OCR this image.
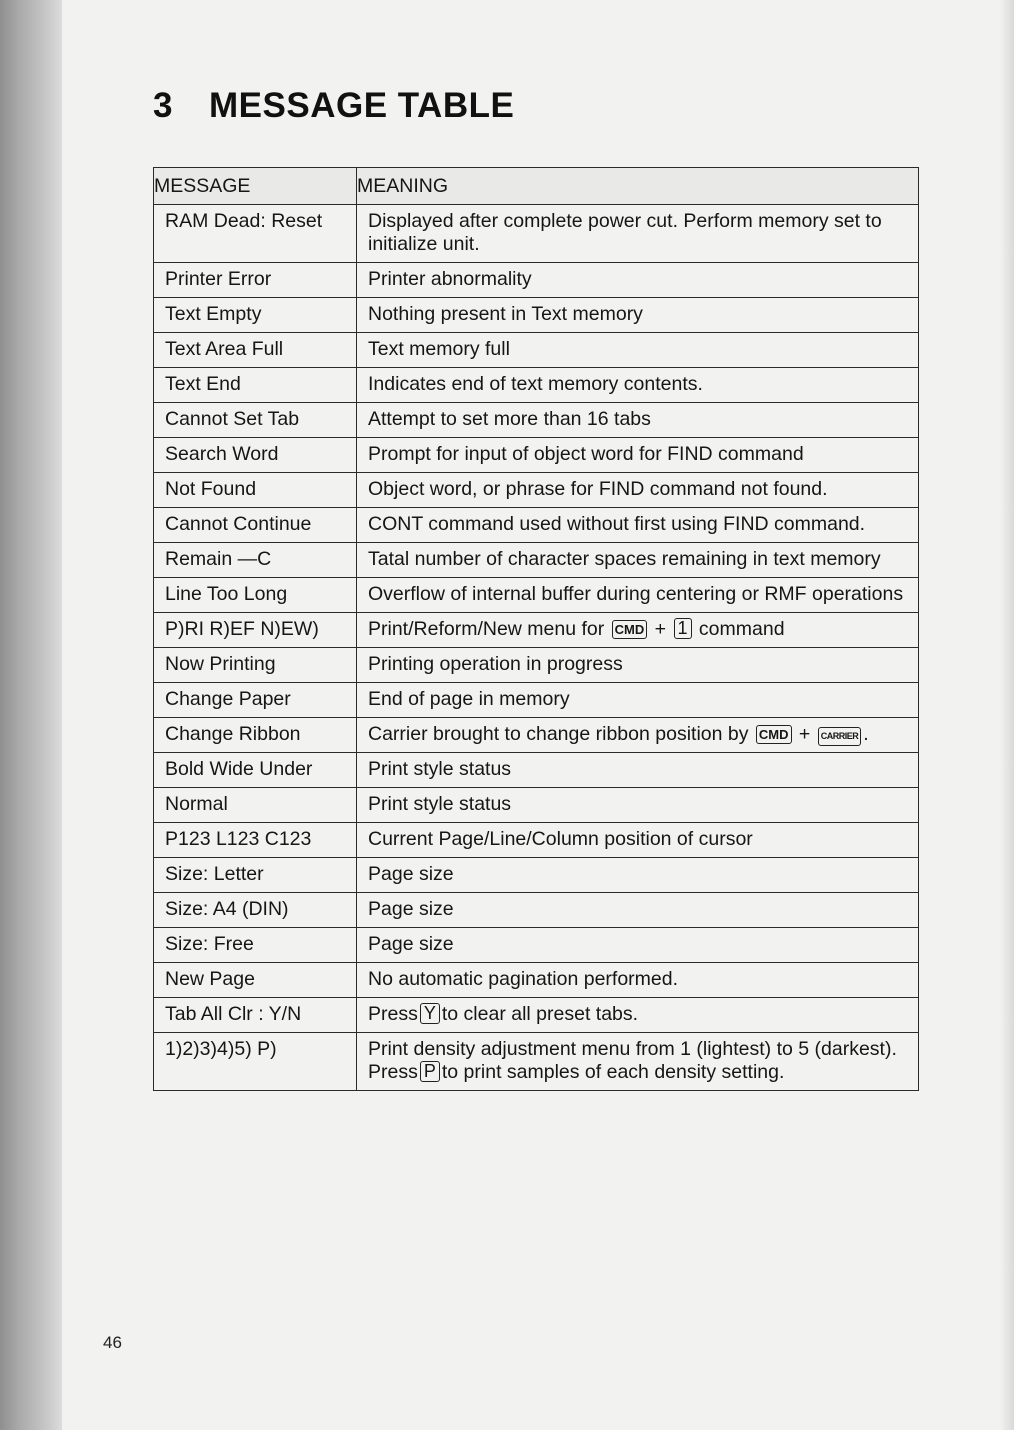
3 MESSAGE TABLE
MESSAGE	MEANING
RAM Dead: Reset	Displayed after complete power cut. Perform memory set to initialize unit.
Printer Error	Printer abnormality
Text Empty	Nothing present in Text memory
Text Area Full	Text memory full
Text End	Indicates end of text memory contents.
Cannot Set Tab	Attempt to set more than 16 tabs
Search Word	Prompt for input of object word for FIND command
Not Found	Object word, or phrase for FIND command not found.
Cannot Continue	CONT command used without first using FIND command.
Remain —C	Tatal number of character spaces remaining in text memory
Line Too Long	Overflow of internal buffer during centering or RMF operations
P)RI R)EF N)EW)	Print/Reform/New menu for CMD + 1 command
Now Printing	Printing operation in progress
Change Paper	End of page in memory
Change Ribbon	Carrier brought to change ribbon position by CMD + CARRIER .
Bold Wide Under	Print style status
Normal	Print style status
P123 L123 C123	Current Page/Line/Column position of cursor
Size: Letter	Page size
Size: A4 (DIN)	Page size
Size: Free	Page size
New Page	No automatic pagination performed.
Tab All Clr : Y/N	Press Y to clear all preset tabs.
1)2)3)4)5) P)	Print density adjustment menu from 1 (lightest) to 5 (darkest).
Press P to print samples of each density setting.
46
